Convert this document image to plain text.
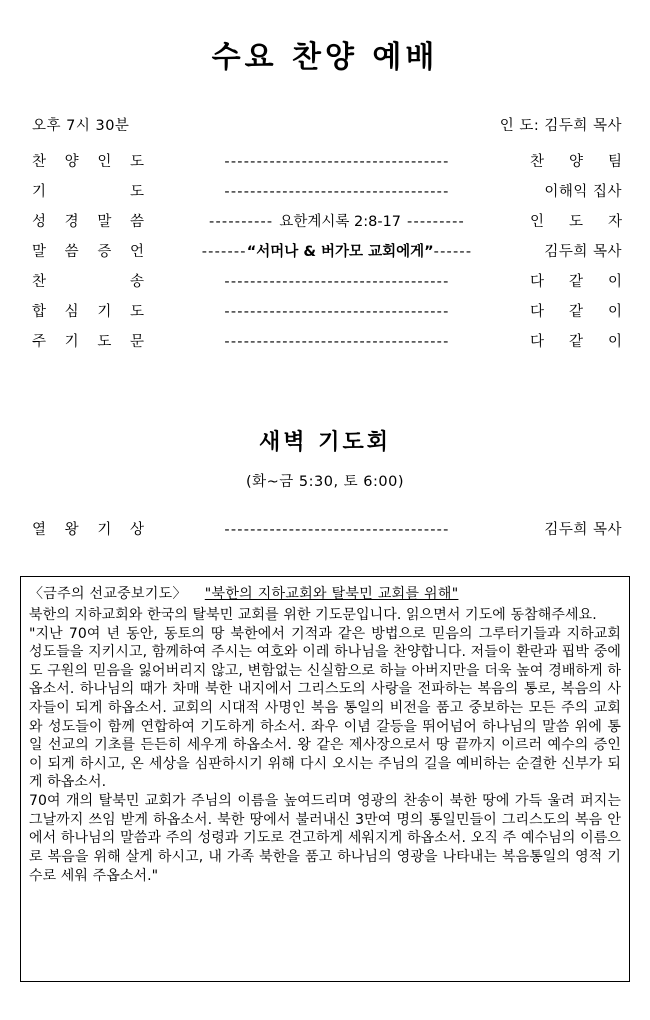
수요 찬양 예배
오후 7시 30분	인 도: 김두희 목사
찬 양 인 도	-----------------------------------	찬 양 팀
기	도	-----------------------------------	이해익 집사
성 경 말 씀	---------- 요한계시록 2:8-17 ---------	인 도 자
말 씀 증 언	-------“서머나 & 버가모 교회에게”------	김두희 목사
찬	송	-----------------------------------	다 같 이
합 심 기 도	-----------------------------------	다 같 이
주 기 도 문	-----------------------------------	다 같 이
새벽 기도회
(화~금 5:30, 토 6:00)
열 왕 기 상	-----------------------------------	김두희 목사
〈금주의 선교중보기도〉 "북한의 지하교회와 탈북민 교회를 위해"

북한의 지하교회와 한국의 탈북민 교회를 위한 기도문입니다. 읽으면서 기도에 동참해주세요.

"지난 70여 년 동안, 동토의 땅 북한에서 기적과 같은 방법으로 믿음의 그루터기들과 지하교회 성도들을 지키시고, 함께하여 주시는 여호와 이레 하나님을 찬양합니다. 저들이 환란과 핍박 중에도 구원의 믿음을 잃어버리지 않고, 변함없는 신실함으로 하늘 아버지만을 더욱 높여 경배하게 하옵소서. 하나님의 때가 차매 북한 내지에서 그리스도의 사랑을 전파하는 복음의 통로, 복음의 사자들이 되게 하옵소서. 교회의 시대적 사명인 복음 통일의 비전을 품고 중보하는 모든 주의 교회와 성도들이 함께 연합하여 기도하게 하소서. 좌우 이념 갈등을 뛰어넘어 하나님의 말씀 위에 통일 선교의 기초를 든든히 세우게 하옵소서. 왕 같은 제사장으로서 땅 끝까지 이르러 예수의 증인이 되게 하시고, 온 세상을 심판하시기 위해 다시 오시는 주님의 길을 예비하는 순결한 신부가 되게 하옵소서.

70여 개의 탈북민 교회가 주님의 이름을 높여드리며 영광의 찬송이 북한 땅에 가득 울려 퍼지는 그날까지 쓰임 받게 하옵소서. 북한 땅에서 불러내신 3만여 명의 통일민들이 그리스도의 복음 안에서 하나님의 말씀과 주의 성령과 기도로 견고하게 세워지게 하옵소서. 오직 주 예수님의 이름으로 복음을 위해 살게 하시고, 내 가족 북한을 품고 하나님의 영광을 나타내는 복음통일의 영적 기수로 세워 주옵소서."
